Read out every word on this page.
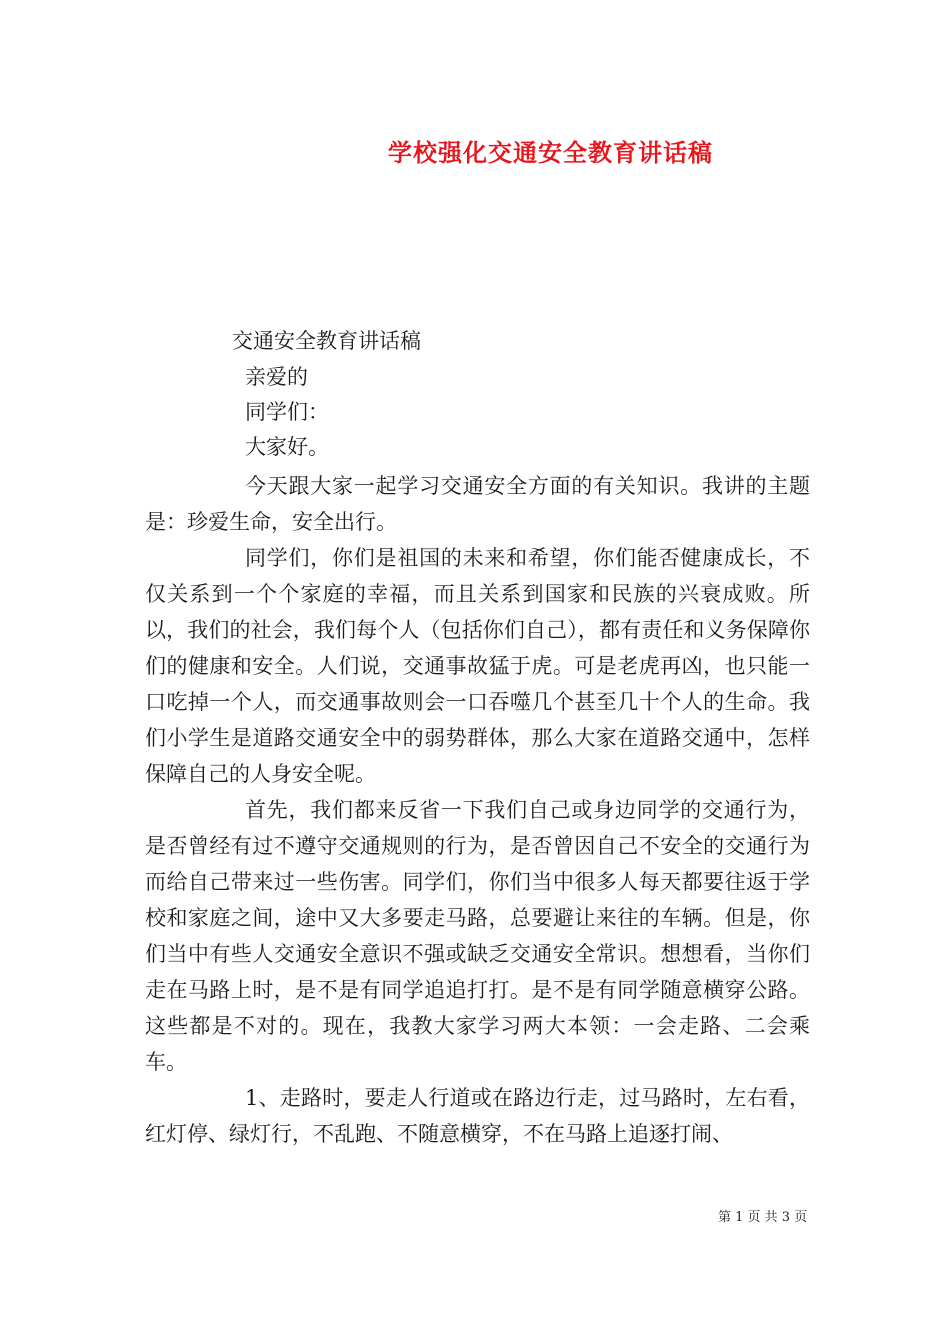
学校强化交通安全教育讲话稿
交通安全教育讲话稿
亲爱的
同学们：
大家好。

今天跟大家一起学习交通安全方面的有关知识。我讲的主题是：珍爱生命，安全出行。

同学们，你们是祖国的未来和希望，你们能否健康成长，不仅关系到一个个家庭的幸福，而且关系到国家和民族的兴衰成败。所以，我们的社会，我们每个人（包括你们自己），都有责任和义务保障你们的健康和安全。人们说，交通事故猛于虎。可是老虎再凶，也只能一口吃掉一个人，而交通事故则会一口吞噬几个甚至几十个人的生命。我们小学生是道路交通安全中的弱势群体，那么大家在道路交通中，怎样保障自己的人身安全呢。

首先，我们都来反省一下我们自己或身边同学的交通行为，是否曾经有过不遵守交通规则的行为，是否曾因自己不安全的交通行为而给自己带来过一些伤害。同学们，你们当中很多人每天都要往返于学校和家庭之间，途中又大多要走马路，总要避让来往的车辆。但是，你们当中有些人交通安全意识不强或缺乏交通安全常识。想想看，当你们走在马路上时，是不是有同学追追打打。是不是有同学随意横穿公路。这些都是不对的。现在，我教大家学习两大本领：一会走路、二会乘车。

1、走路时，要走人行道或在路边行走，过马路时，左右看，红灯停、绿灯行，不乱跑、不随意横穿，不在马路上追逐打闹、

第 1 页 共 3 页
